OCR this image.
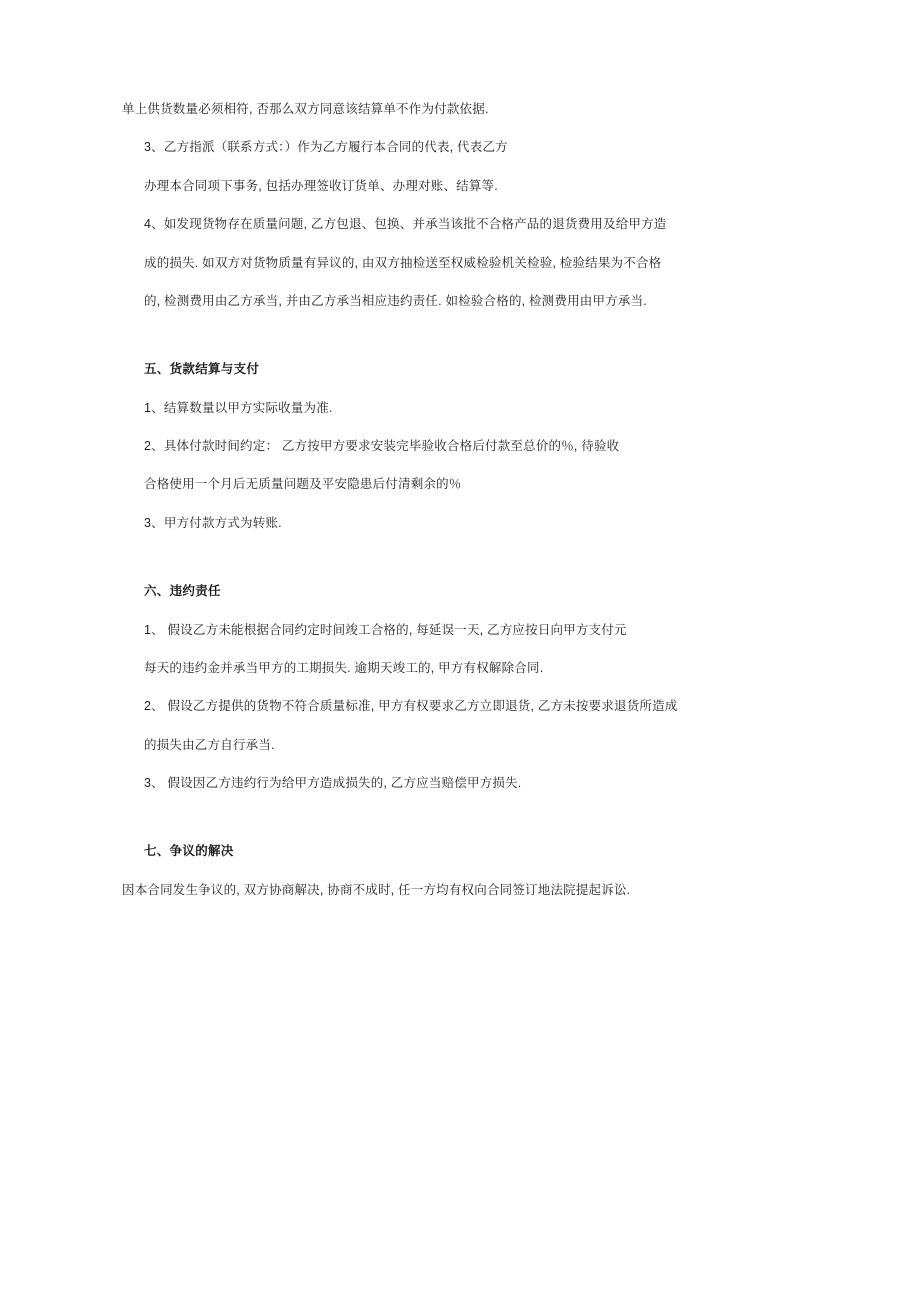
单上供货数量必须相符, 否那么双方同意该结算单不作为付款依据.

3、乙方指派（联系方式：）作为乙方履行本合同的代表, 代表乙方

办理本合同项下事务, 包括办理签收订货单、办理对账、结算等.

4、如发现货物存在质量问题, 乙方包退、包换、并承当该批不合格产品的退货费用及给甲方造

成的损失. 如双方对货物质量有异议的, 由双方抽检送至权威检验机关检验, 检验结果为不合格

的, 检测费用由乙方承当, 并由乙方承当相应违约责任. 如检验合格的, 检测费用由甲方承当.

五、货款结算与支付

1、结算数量以甲方实际收量为准.

2、具体付款时间约定： 乙方按甲方要求安装完毕验收合格后付款至总价的％, 待验收

合格使用一个月后无质量问题及平安隐患后付清剩余的％

3、甲方付款方式为转账.

六、违约责任

1、 假设乙方未能根据合同约定时间竣工合格的, 每延误一天, 乙方应按日向甲方支付元

每天的违约金并承当甲方的工期损失. 逾期天竣工的, 甲方有权解除合同.

2、 假设乙方提供的货物不符合质量标准, 甲方有权要求乙方立即退货, 乙方未按要求退货所造成

的损失由乙方自行承当.

3、 假设因乙方违约行为给甲方造成损失的, 乙方应当赔偿甲方损失.

七、争议的解决

因本合同发生争议的, 双方协商解决, 协商不成时, 任一方均有权向合同签订地法院提起诉讼.
